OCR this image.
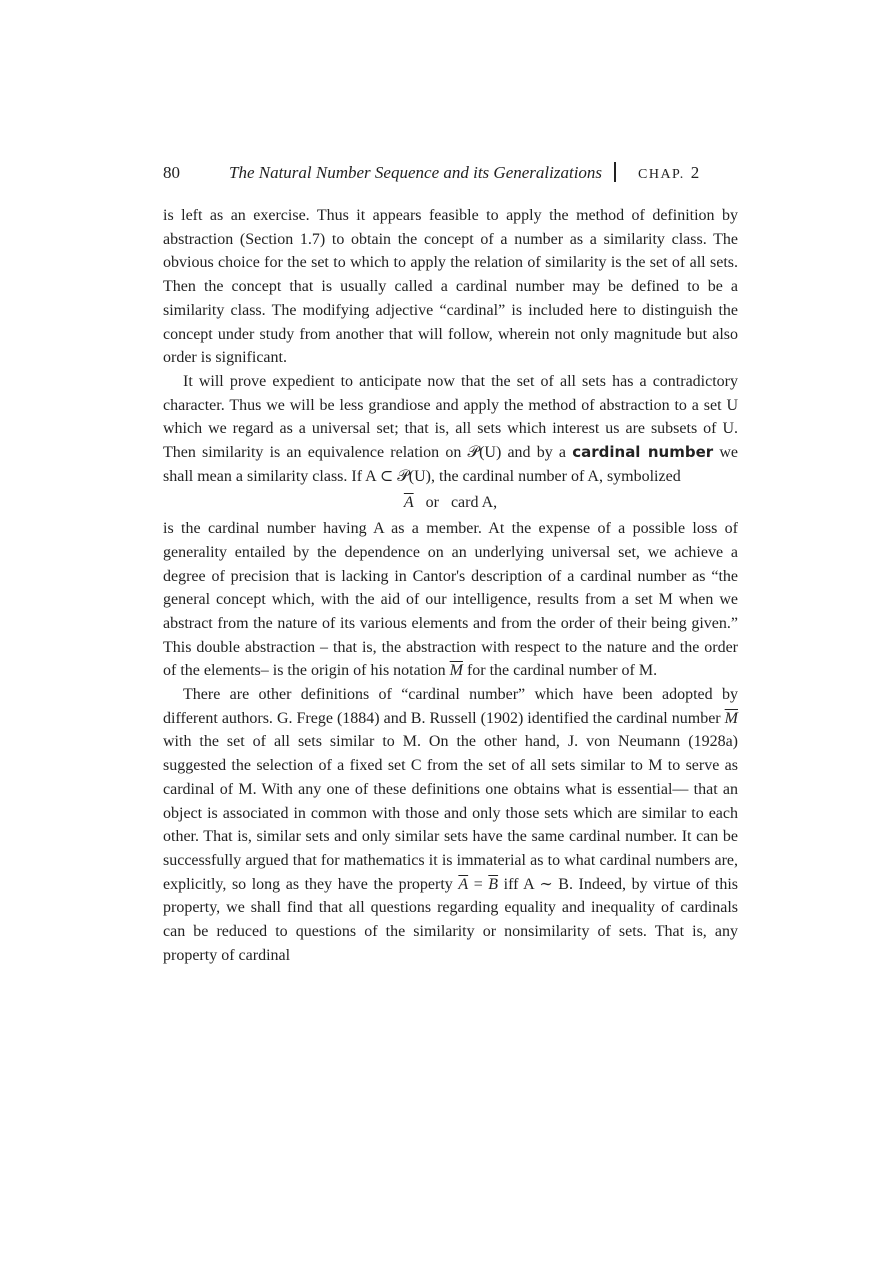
80	The Natural Number Sequence and its Generalizations	CHAP. 2

is left as an exercise. Thus it appears feasible to apply the method of definition by abstraction (Section 1.7) to obtain the concept of a number as a similarity class. The obvious choice for the set to which to apply the relation of similarity is the set of all sets. Then the concept that is usually called a cardinal number may be defined to be a similarity class. The modifying adjective “cardinal” is included here to distinguish the concept under study from another that will follow, wherein not only magnitude but also order is significant.

It will prove expedient to anticipate now that the set of all sets has a contradictory character. Thus we will be less grandiose and apply the method of abstraction to a set U which we regard as a universal set; that is, all sets which interest us are subsets of U. Then similarity is an equivalence relation on 𝒫(U) and by a cardinal number we shall mean a similarity class. If A ⊂ 𝒫(U), the cardinal number of A, symbolized

$\overline{A}$ or card A,

is the cardinal number having A as a member. At the expense of a possible loss of generality entailed by the dependence on an underlying universal set, we achieve a degree of precision that is lacking in Cantor's description of a cardinal number as “the general concept which, with the aid of our intelligence, results from a set M when we abstract from the nature of its various elements and from the order of their being given.” This double abstraction – that is, the abstraction with respect to the nature and the order of the elements– is the origin of his notation $\overline{M}$ for the cardinal number of M.

There are other definitions of “cardinal number” which have been adopted by different authors. G. Frege (1884) and B. Russell (1902) identified the cardinal number $\overline{M}$ with the set of all sets similar to M. On the other hand, J. von Neumann (1928a) suggested the selection of a fixed set C from the set of all sets similar to M to serve as cardinal of M. With any one of these definitions one obtains what is essential–– that an object is associated in common with those and only those sets which are similar to each other. That is, similar sets and only similar sets have the same cardinal number. It can be successfully argued that for mathematics it is immaterial as to what cardinal numbers are, explicitly, so long as they have the property $\overline{A} = \overline{B}$ iff A ∼ B. Indeed, by virtue of this property, we shall find that all questions regarding equality and inequality of cardinals can be reduced to questions of the similarity or nonsimilarity of sets. That is, any property of cardinal
